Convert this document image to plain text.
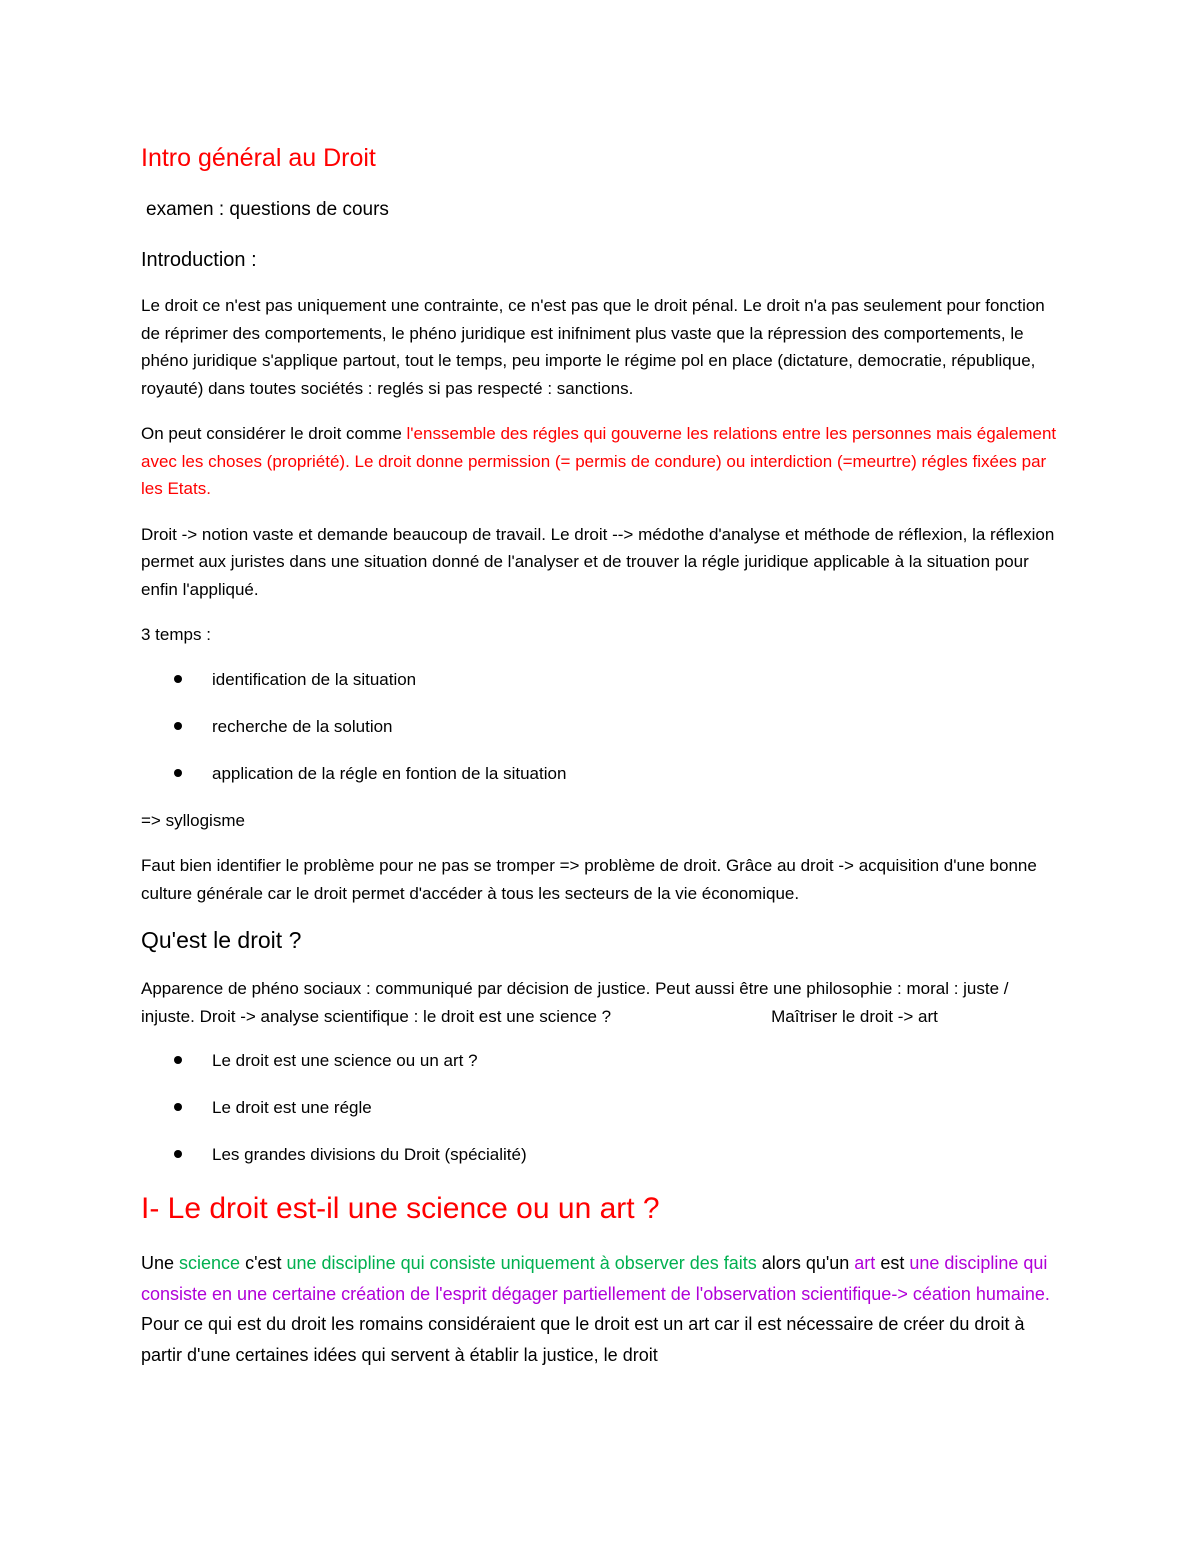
Intro général au Droit
examen : questions de cours
Introduction :

Le droit ce n'est pas uniquement une contrainte, ce n'est pas que le droit pénal. Le droit n'a pas seulement pour fonction de réprimer des comportements, le phéno juridique est inifniment plus vaste que la répression des comportements, le phéno juridique s'applique partout, tout le temps, peu importe le régime pol en place (dictature, democratie, république, royauté) dans toutes sociétés : reglés si pas respecté : sanctions.

On peut considérer le droit comme l'enssemble des régles qui gouverne les relations entre les personnes mais également avec les choses (propriété). Le droit donne permission (= permis de condure) ou interdiction (=meurtre) régles fixées par les Etats.

Droit -> notion vaste et demande beaucoup de travail. Le droit --> médothe d'analyse et méthode de réflexion, la réflexion permet aux juristes dans une situation donné de l'analyser et de trouver la régle juridique applicable à la situation pour enfin l'appliqué.

3 temps :

identification de la situation
recherche de la solution
application de la régle en fontion de la situation

=> syllogisme

Faut bien identifier le problème pour ne pas se tromper => problème de droit. Grâce au droit -> acquisition d'une bonne culture générale car le droit permet d'accéder à tous les secteurs de la vie économique.

Qu'est le droit ?

Apparence de phéno sociaux : communiqué par décision de justice. Peut aussi être une philosophie : moral : juste / injuste. Droit -> analyse scientifique : le droit est une science ?	Maîtriser le droit -> art

Le droit est une science ou un art ?
Le droit est une régle
Les grandes divisions du Droit (spécialité)
I- Le droit est-il une science ou un art ?

Une science c'est une discipline qui consiste uniquement à observer des faits alors qu'un art est une discipline qui consiste en une certaine création de l'esprit dégager partiellement de l'observation scientifique-> céation humaine. Pour ce qui est du droit les romains considéraient que le droit est un art car il est nécessaire de créer du droit à partir d'une certaines idées qui servent à établir la justice, le droit
